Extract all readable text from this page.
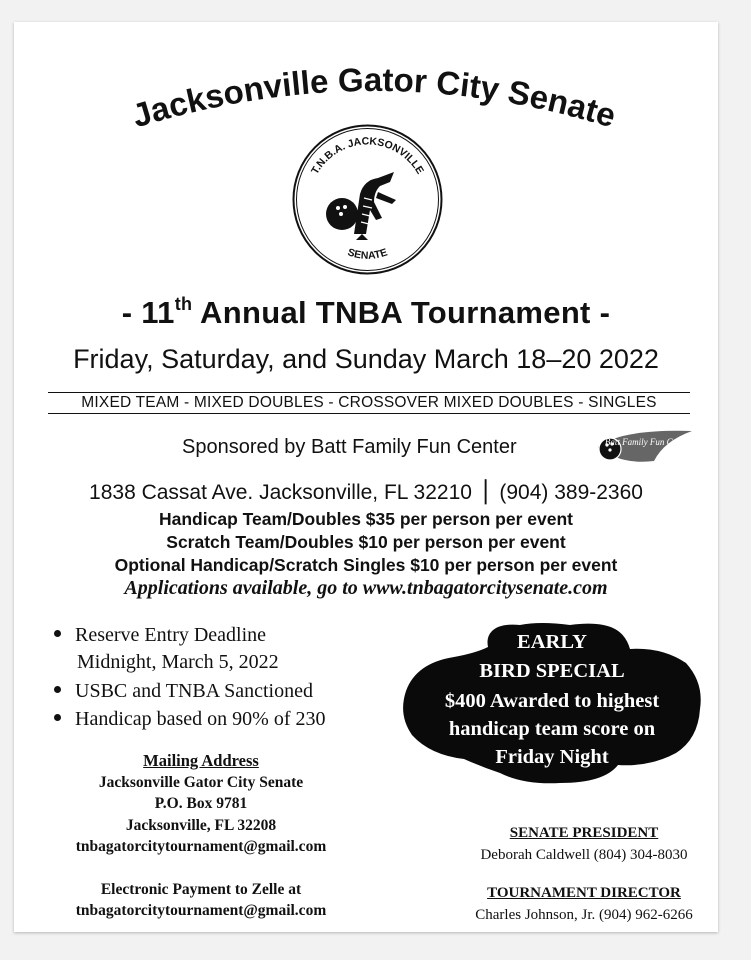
Jacksonville Gator City Senate
T.N.B.A. JACKSONVILLE
SENATE
- 11th Annual TNBA Tournament -
Friday, Saturday, and Sunday March 18–20 2022
MIXED TEAM - MIXED DOUBLES - CROSSOVER MIXED DOUBLES - SINGLES
Sponsored by Batt Family Fun Center	Batt Family Fun Center
1838 Cassat Ave. Jacksonville, FL 32210 ⎪ (904) 389-2360
Handicap Team/Doubles $35 per person per event
Scratch Team/Doubles $10 per person per event
Optional Handicap/Scratch Singles $10 per person per event
Applications available, go to www.tnbagatorcitysenate.com
Reserve Entry Deadline
Midnight, March 5, 2022
USBC and TNBA Sanctioned
Handicap based on 90% of 230
EARLY
BIRD SPECIAL
$400 Awarded to highest
handicap team score on
Friday Night
Mailing Address
Jacksonville Gator City Senate
P.O. Box 9781
Jacksonville, FL 32208
tnbagatorcitytournament@gmail.com
Electronic Payment to Zelle at
tnbagatorcitytournament@gmail.com
SENATE PRESIDENT
Deborah Caldwell (804) 304-8030
TOURNAMENT DIRECTOR
Charles Johnson, Jr. (904) 962-6266
